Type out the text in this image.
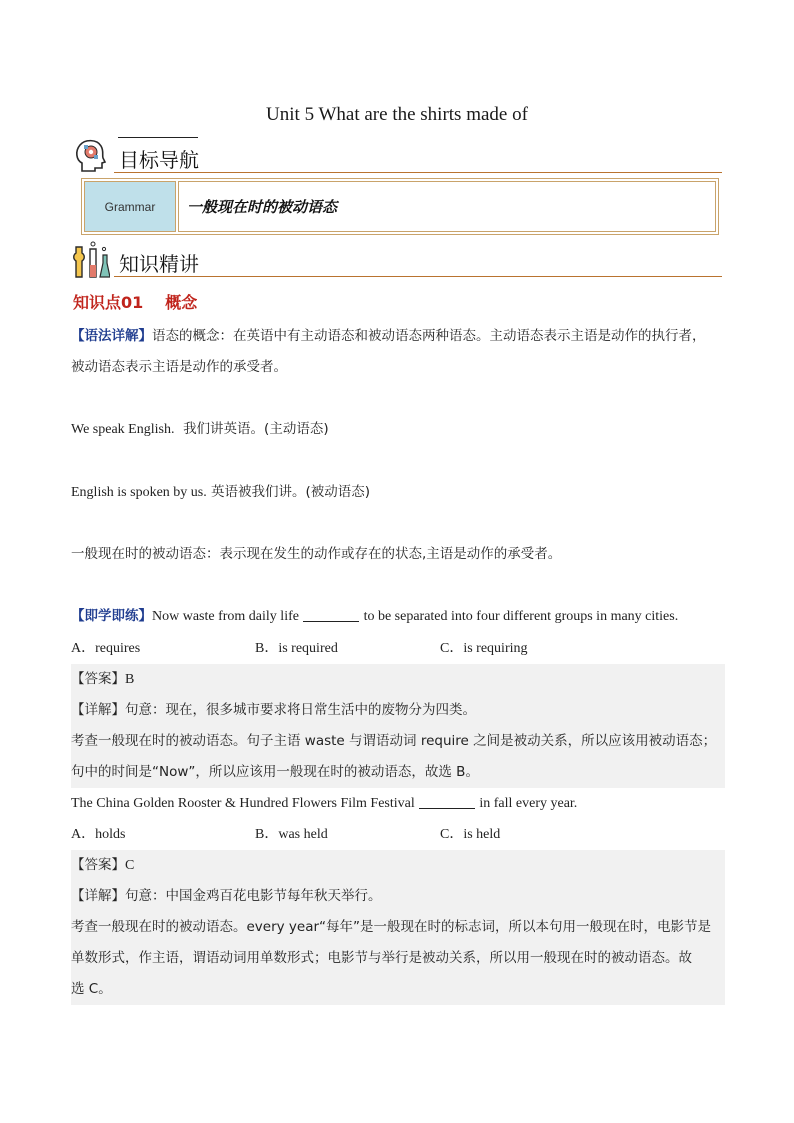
Unit 5 What are the shirts made of
目标导航
Grammar	一般现在时的被动语态
知识精讲
知识点01 概念
【语法详解】语态的概念：在英语中有主动语态和被动语态两种语态。主动语态表示主语是动作的执行者，
被动语态表示主语是动作的承受者。
We speak English. 我们讲英语。(主动语态)
English is spoken by us. 英语被我们讲。(被动语态)
一般现在时的被动语态：表示现在发生的动作或存在的状态,主语是动作的承受者。
【即学即练】Now waste from daily life	to be separated into four different groups in many cities.
A．requires	B．is required	C．is requiring
【答案】B
【详解】句意：现在，很多城市要求将日常生活中的废物分为四类。
考查一般现在时的被动语态。句子主语 waste 与谓语动词 require 之间是被动关系，所以应该用被动语态；
句中的时间是“Now”，所以应该用一般现在时的被动语态，故选 B。
The China Golden Rooster & Hundred Flowers Film Festival	in fall every year.
A．holds	B．was held	C．is held
【答案】C
【详解】句意：中国金鸡百花电影节每年秋天举行。
考查一般现在时的被动语态。every year“每年”是一般现在时的标志词，所以本句用一般现在时，电影节是
单数形式，作主语，谓语动词用单数形式；电影节与举行是被动关系，所以用一般现在时的被动语态。故
选 C。
